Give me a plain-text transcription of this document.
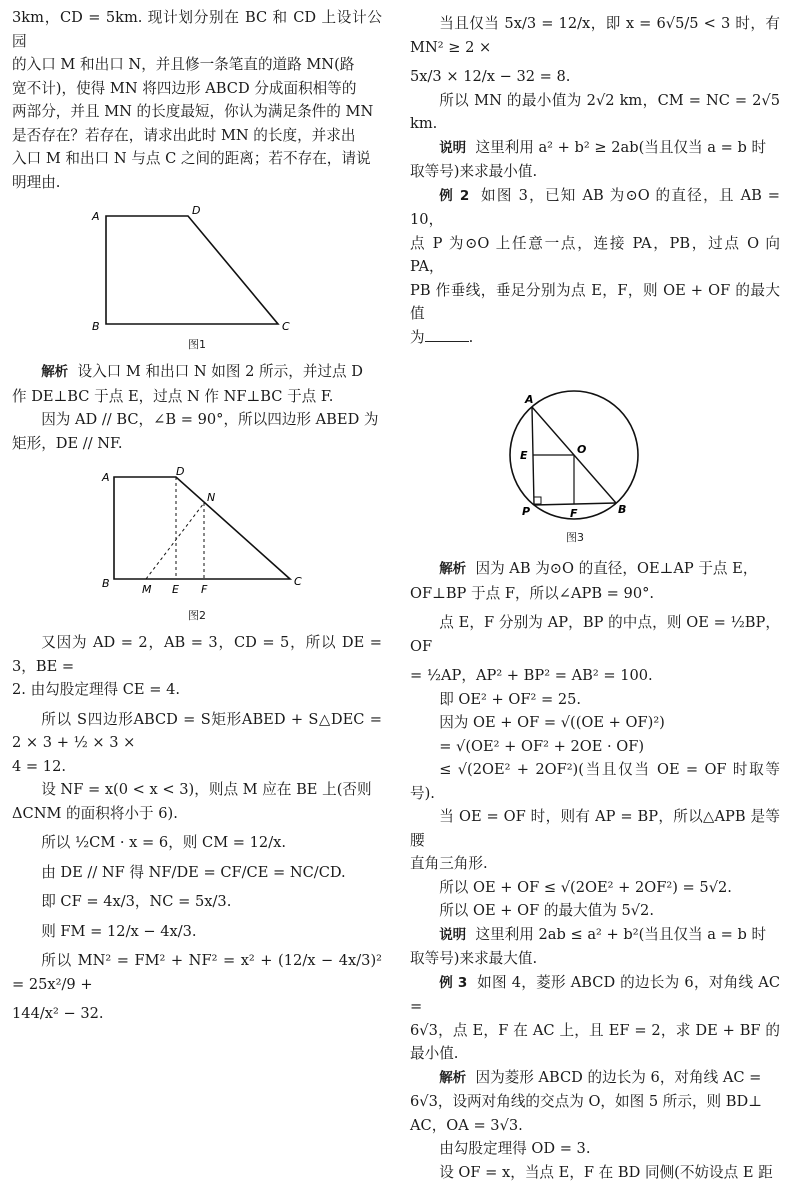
3km，CD = 5km. 现计划分别在 BC 和 CD 上设计公园

的入口 M 和出口 N，并且修一条笔直的道路 MN(路

宽不计)，使得 MN 将四边形 ABCD 分成面积相等的

两部分，并且 MN 的长度最短，你认为满足条件的 MN

是否存在？若存在，请求出此时 MN 的长度，并求出

入口 M 和出口 N 与点 C 之间的距离；若不存在，请说

明理由.

A	D
B	C
图1

解析 设入口 M 和出口 N 如图 2 所示，并过点 D

作 DE⊥BC 于点 E，过点 N 作 NF⊥BC 于点 F.

因为 AD // BC，∠B = 90°，所以四边形 ABED 为

矩形，DE // NF.

A	D
N
B	M E F
C
图2

又因为 AD = 2，AB = 3，CD = 5，所以 DE = 3，BE =

2. 由勾股定理得 CE = 4.

所以 S四边形ABCD = S矩形ABED + S△DEC = 2 × 3 + ½ × 3 ×

4 = 12.

设 NF = x(0 < x < 3)，则点 M 应在 BE 上(否则

ΔCNM 的面积将小于 6).

所以 ½CM · x = 6，则 CM = 12/x.

由 DE // NF 得 NF/DE = CF/CE = NC/CD.

即 CF = 4x/3，NC = 5x/3.

则 FM = 12/x − 4x/3.

所以 MN² = FM² + NF² = x² + (12/x − 4x/3)² = 25x²/9 +

144/x² − 32.

当且仅当 5x/3 = 12/x，即 x = 6√5/5 < 3 时，有 MN² ≥ 2 ×

5x/3 × 12/x − 32 = 8.

所以 MN 的最小值为 2√2 km，CM = NC = 2√5 km.

说明 这里利用 a² + b² ≥ 2ab(当且仅当 a = b 时

取等号)来求最小值.

例 2 如图 3，已知 AB 为⊙O 的直径，且 AB = 10，

点 P 为⊙O 上任意一点，连接 PA，PB，过点 O 向 PA，

PB 作垂线，垂足分别为点 E，F，则 OE + OF 的最大值

为	.

A
E	O
P	F	B
图3

解析 因为 AB 为⊙O 的直径，OE⊥AP 于点 E，

OF⊥BP 于点 F，所以∠APB = 90°.

点 E，F 分别为 AP，BP 的中点，则 OE = ½BP，OF

= ½AP，AP² + BP² = AB² = 100.

即 OE² + OF² = 25.

因为 OE + OF = √((OE + OF)²)

= √(OE² + OF² + 2OE · OF)

≤ √(2OE² + 2OF²)(当且仅当 OE = OF 时取等号).

当 OE = OF 时，则有 AP = BP，所以△APB 是等腰

直角三角形.

所以 OE + OF ≤ √(2OE² + 2OF²) = 5√2.

所以 OE + OF 的最大值为 5√2.

说明 这里利用 2ab ≤ a² + b²(当且仅当 a = b 时

取等号)来求最大值.

例 3 如图 4，菱形 ABCD 的边长为 6，对角线 AC =

6√3，点 E，F 在 AC 上，且 EF = 2，求 DE + BF 的最小值.

解析 因为菱形 ABCD 的边长为 6，对角线 AC =

6√3，设两对角线的交点为 O，如图 5 所示，则 BD⊥

AC，OA = 3√3.

由勾股定理得 OD = 3.

设 OF = x，当点 E，F 在 BD 同侧(不妨设点 E 距
